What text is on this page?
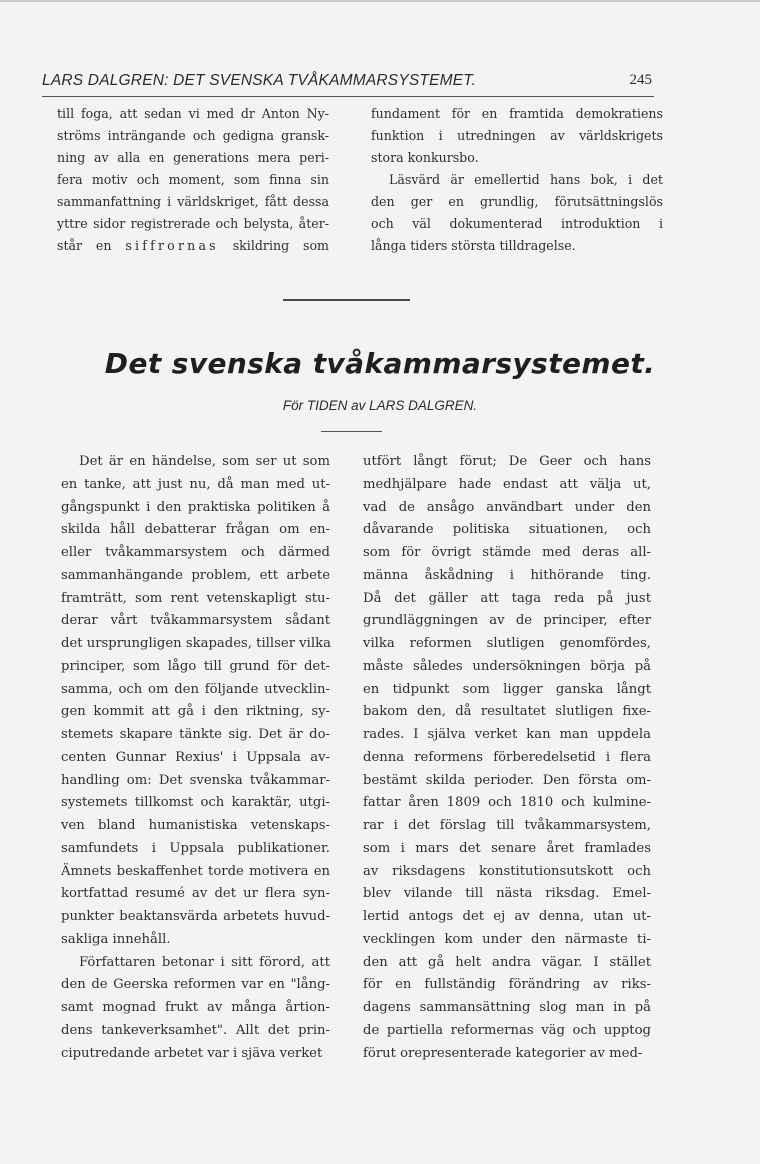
LARS DALGREN: DET SVENSKA TVÅKAMMARSYSTEMET.	245
till foga, att sedan vi med dr Anton Ny-
ströms inträngande och gedigna gransk-
ning av alla en generations mera peri-
fera motiv och moment, som finna sin
sammanfattning i världskriget, fått dessa
yttre sidor registrerade och belysta, åter-
står en siffrornas skildring som
fundament för en framtida demokratiens
funktion i utredningen av världskrigets
stora konkursbo.
Läsvärd är emellertid hans bok, i det
den ger en grundlig, förutsättningslös
och väl dokumenterad introduktion i
långa tiders största tilldragelse.
Det svenska tvåkammarsystemet.
För TIDEN av LARS DALGREN.
Det är en händelse, som ser ut som
en tanke, att just nu, då man med ut-
gångspunkt i den praktiska politiken å
skilda håll debatterar frågan om en-
eller tvåkammarsystem och därmed
sammanhängande problem, ett arbete
framträtt, som rent vetenskapligt stu-
derar vårt tvåkammarsystem sådant
det ursprungligen skapades, tillser vilka
principer, som lågo till grund för det-
samma, och om den följande utvecklin-
gen kommit att gå i den riktning, sy-
stemets skapare tänkte sig. Det är do-
centen Gunnar Rexius' i Uppsala av-
handling om: Det svenska tvåkammar-
systemets tillkomst och karaktär, utgi-
ven bland humanistiska vetenskaps-
samfundets i Uppsala publikationer.
Ämnets beskaffenhet torde motivera en
kortfattad resumé av det ur flera syn-
punkter beaktansvärda arbetets huvud-
sakliga innehåll.
Författaren betonar i sitt förord, att
den de Geerska reformen var en "lång-
samt mognad frukt av många årtion-
dens tankeverksamhet". Allt det prin-
ciputredande arbetet var i sjäva verket
utfört långt förut; De Geer och hans
medhjälpare hade endast att välja ut,
vad de ansågo användbart under den
dåvarande politiska situationen, och
som för övrigt stämde med deras all-
männa åskådning i hithörande ting.
Då det gäller att taga reda på just
grundläggningen av de principer, efter
vilka reformen slutligen genomfördes,
måste således undersökningen börja på
en tidpunkt som ligger ganska långt
bakom den, då resultatet slutligen fixe-
rades. I själva verket kan man uppdela
denna reformens förberedelsetid i flera
bestämt skilda perioder. Den första om-
fattar åren 1809 och 1810 och kulmine-
rar i det förslag till tvåkammarsystem,
som i mars det senare året framlades
av riksdagens konstitutionsutskott och
blev vilande till nästa riksdag. Emel-
lertid antogs det ej av denna, utan ut-
vecklingen kom under den närmaste ti-
den att gå helt andra vägar. I stället
för en fullständig förändring av riks-
dagens sammansättning slog man in på
de partiella reformernas väg och upptog
förut orepresenterade kategorier av med-
